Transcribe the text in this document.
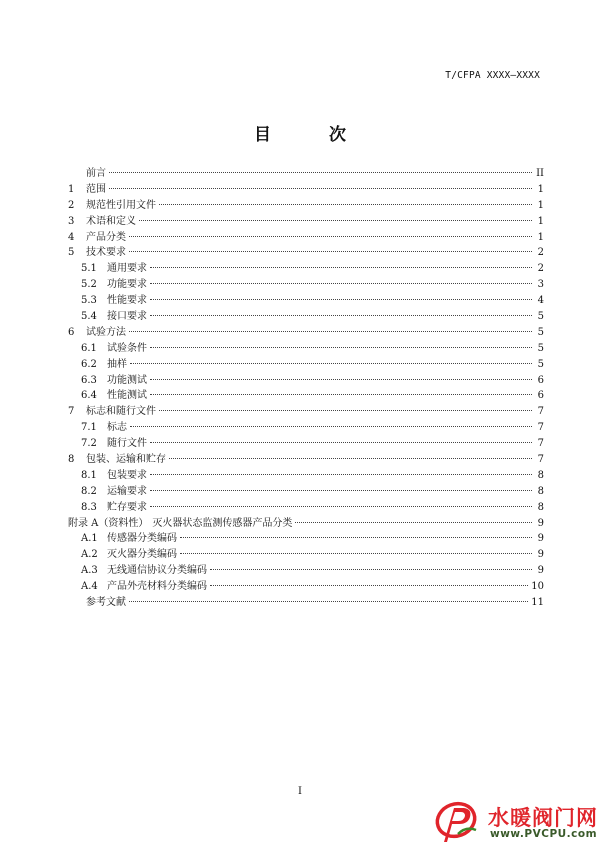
T/CFPA XXXX—XXXX
目 次
前言	II
1 范围	1
2 规范性引用文件	1
3 术语和定义	1
4 产品分类	1
5 技术要求	2
5.1 通用要求	2
5.2 功能要求	3
5.3 性能要求	4
5.4 接口要求	5
6 试验方法	5
6.1 试验条件	5
6.2 抽样	5
6.3 功能测试	6
6.4 性能测试	6
7 标志和随行文件	7
7.1 标志	7
7.2 随行文件	7
8 包装、运输和贮存	7
8.1 包装要求	8
8.2 运输要求	8
8.3 贮存要求	8
附录 A（资料性） 灭火器状态监测传感器产品分类	9
A.1 传感器分类编码	9
A.2 灭火器分类编码	9
A.3 无线通信协议分类编码	9
A.4 产品外壳材料分类编码	10
参考文献	11
I
水暖阀门网
www.PVCPU.com
